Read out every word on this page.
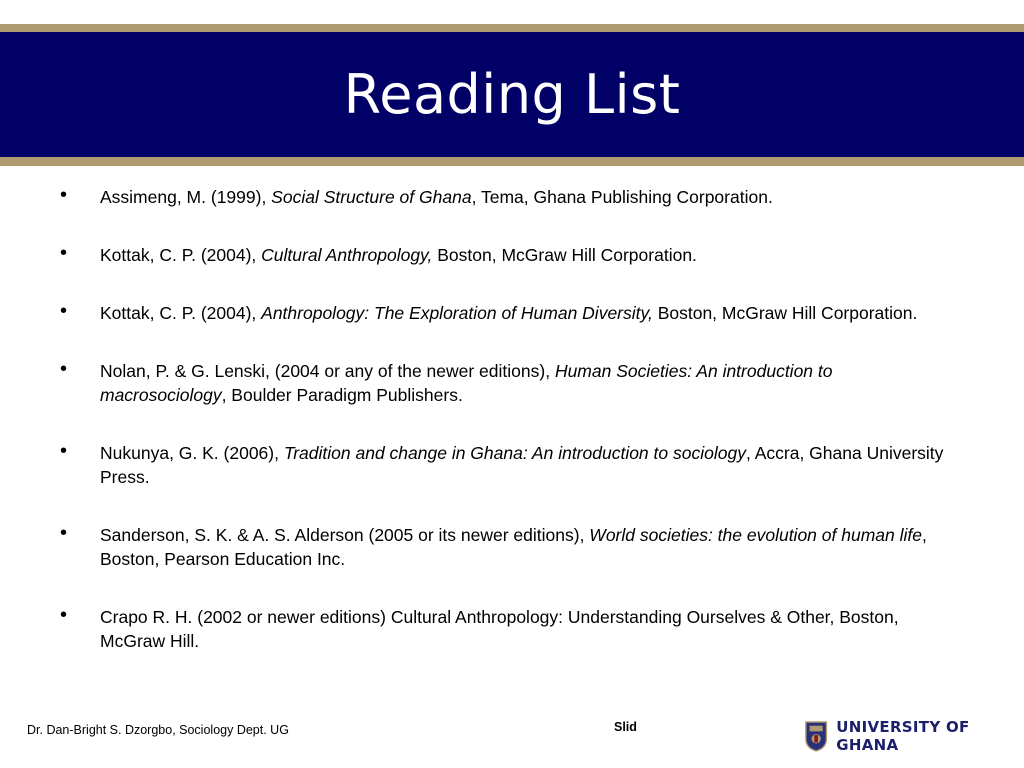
Reading List
• Assimeng, M. (1999), Social Structure of Ghana, Tema, Ghana Publishing Corporation.
• Kottak, C. P. (2004), Cultural Anthropology, Boston, McGraw Hill Corporation.
• Kottak, C. P. (2004), Anthropology: The Exploration of Human Diversity, Boston, McGraw Hill Corporation.
• Nolan, P. & G. Lenski, (2004 or any of the newer editions), Human Societies: An introduction to macrosociology, Boulder Paradigm Publishers.
• Nukunya, G. K. (2006), Tradition and change in Ghana: An introduction to sociology, Accra, Ghana University Press.
• Sanderson, S. K. & A. S. Alderson (2005 or its newer editions), World societies: the evolution of human life, Boston, Pearson Education Inc.
• Crapo R. H. (2002 or newer editions) Cultural Anthropology: Understanding Ourselves & Other, Boston, McGraw Hill.
Dr. Dan-Bright S. Dzorgbo, Sociology Dept. UG	Slid	UNIVERSITY OF GHANA
